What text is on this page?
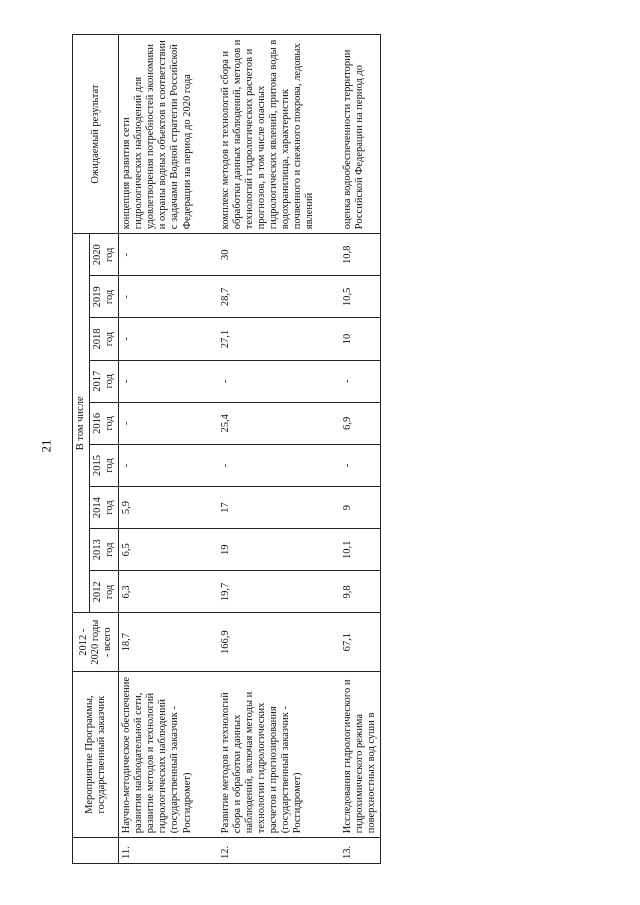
21
	Мероприятие Программы, государственный заказчик	2012 - 2020 годы - всего	В том числе									Ожидаемый результат
			2012 год	2013 год	2014 год	2015 год	2016 год	2017 год	2018 год	2019 год	2020 год	
11.	Научно-методическое обеспечение развития наблюдательной сети, развитие методов и технологий гидрологических наблюдений (государственный заказчик - Росгидромет)	18,7	6,3	6,5	5,9	-	-	-	-	-	-	концепция развития сети гидрологических наблюдений для удовлетворения потребностей экономики и охраны водных объектов в соответствии с задачами Водной стратегии Российской Федерации на период до 2020 года

12.	Развитие методов и технологий сбора и обработки данных наблюдений, включая методы и технологии гидрологических расчетов и прогнозирования (государственный заказчик - Росгидромет)	166,9	19,7	19	17	-	25,4	-	27,1	28,7	30	комплекс методов и технологий сбора и обработки данных наблюдений, методов и технологий гидрологических расчетов и прогнозов, в том числе опасных гидрологических явлений, притока воды в водохранилища, характеристик почвенного и снежного покрова, ледовых явлений

13.	Исследования гидрологического и гидрохимического режима поверхностных вод суши в	67,1	9,8	10,1	9	-	6,9	-	10	10,5	10,8	оценка водообеспеченности территории Российской Федерации на период до
